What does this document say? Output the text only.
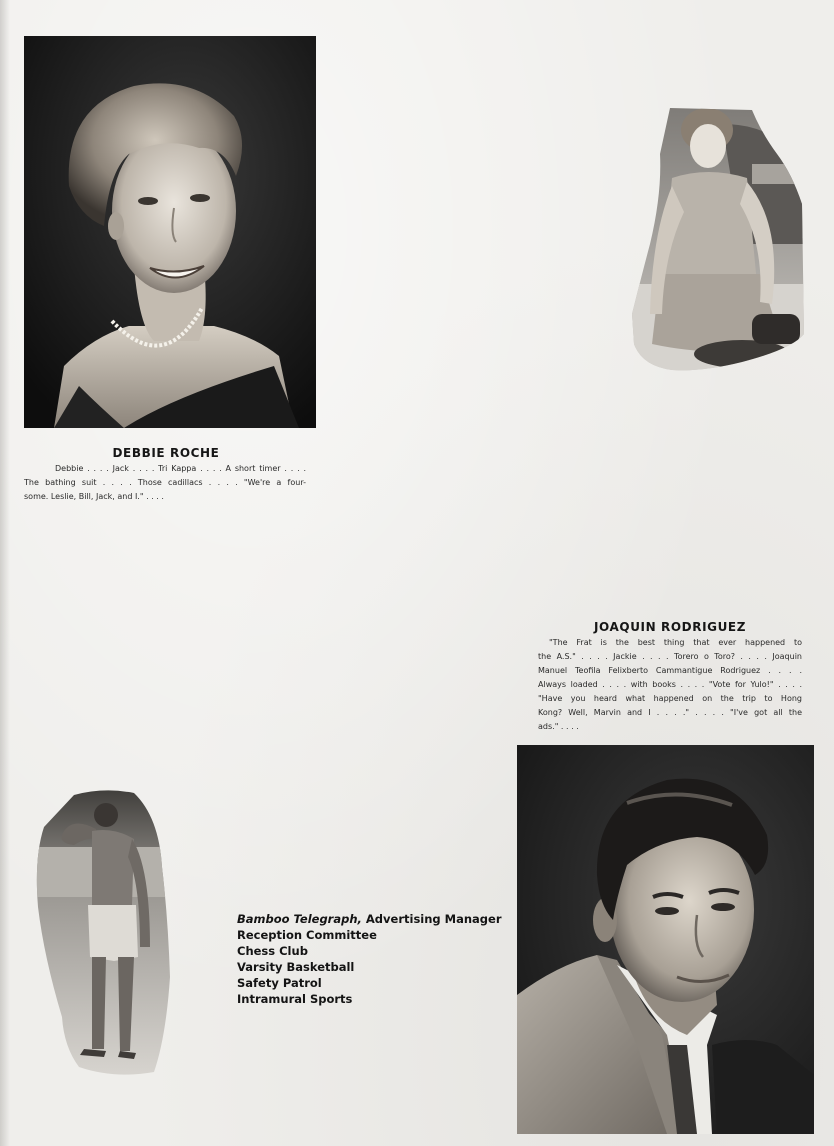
DEBBIE ROCHE
Debbie . . . . Jack . . . . Tri Kappa . . . . A short timer . . . .
The bathing suit . . . . Those cadillacs . . . . "We're a four-
some. Leslie, Bill, Jack, and I." . . . .
JOAQUIN RODRIGUEZ
"The Frat is the best thing that ever happened to
the A.S." . . . . Jackie . . . . Torero o Toro? . . . . Joaquin
Manuel Teofila Felixberto Cammantigue Rodriguez . . . .
Always loaded . . . . with books . . . . "Vote for Yulo!" . . . .
"Have you heard what happened on the trip to Hong
Kong? Well, Marvin and I . . . ." . . . . "I've got all the
ads." . . . .
Bamboo Telegraph, Advertising Manager
Reception Committee
Chess Club
Varsity Basketball
Safety Patrol
Intramural Sports
